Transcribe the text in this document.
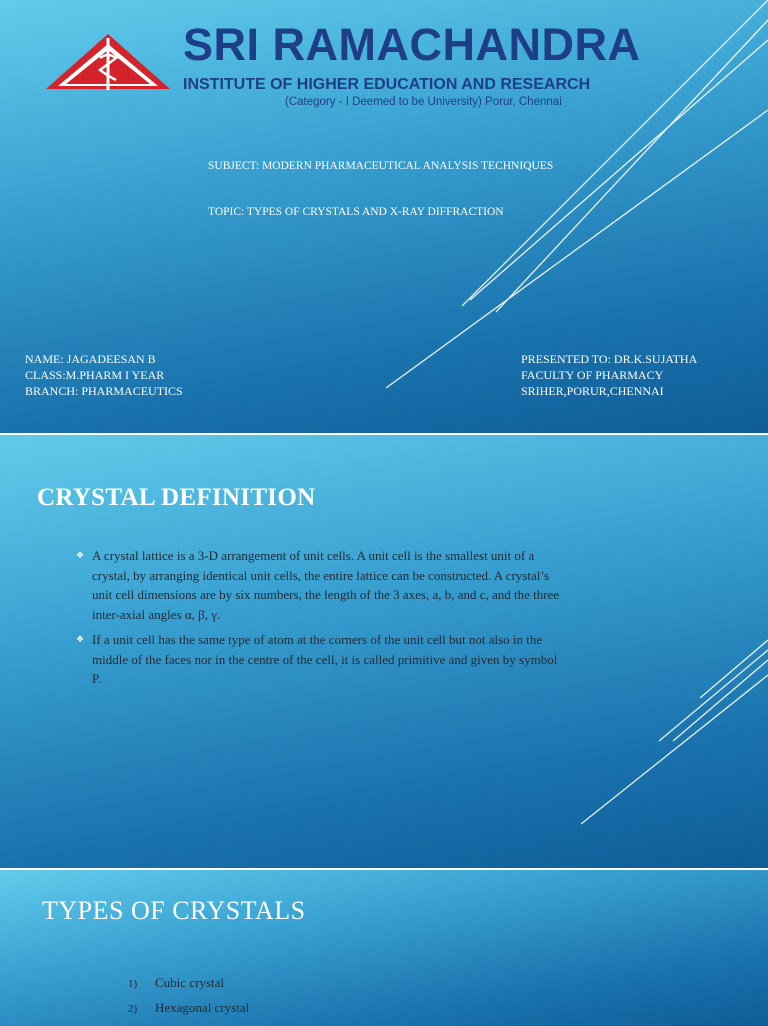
SRI RAMACHANDRA
INSTITUTE OF HIGHER EDUCATION AND RESEARCH
(Category - I Deemed to be University) Porur, Chennai
SUBJECT: MODERN PHARMACEUTICAL ANALYSIS TECHNIQUES
TOPIC: TYPES OF CRYSTALS AND X-RAY DIFFRACTION
NAME: JAGADEESAN B
CLASS:M.PHARM I YEAR
BRANCH: PHARMACEUTICS
PRESENTED TO: DR.K.SUJATHA
FACULTY OF PHARMACY
SRIHER,PORUR,CHENNAI
CRYSTAL DEFINITION
❖ A crystal lattice is a 3-D arrangement of unit cells. A unit cell is the smallest unit of a crystal, by arranging identical unit cells, the entire lattice can be constructed. A crystal’s unit cell dimensions are by six numbers, the length of the 3 axes, a, b, and c, and the three inter-axial angles α, β, γ.
❖ If a unit cell has the same type of atom at the corners of the unit cell but not also in the middle of the faces nor in the centre of the cell, it is called primitive and given by symbol P.
TYPES OF CRYSTALS
1) Cubic crystal
2) Hexagonal crystal
